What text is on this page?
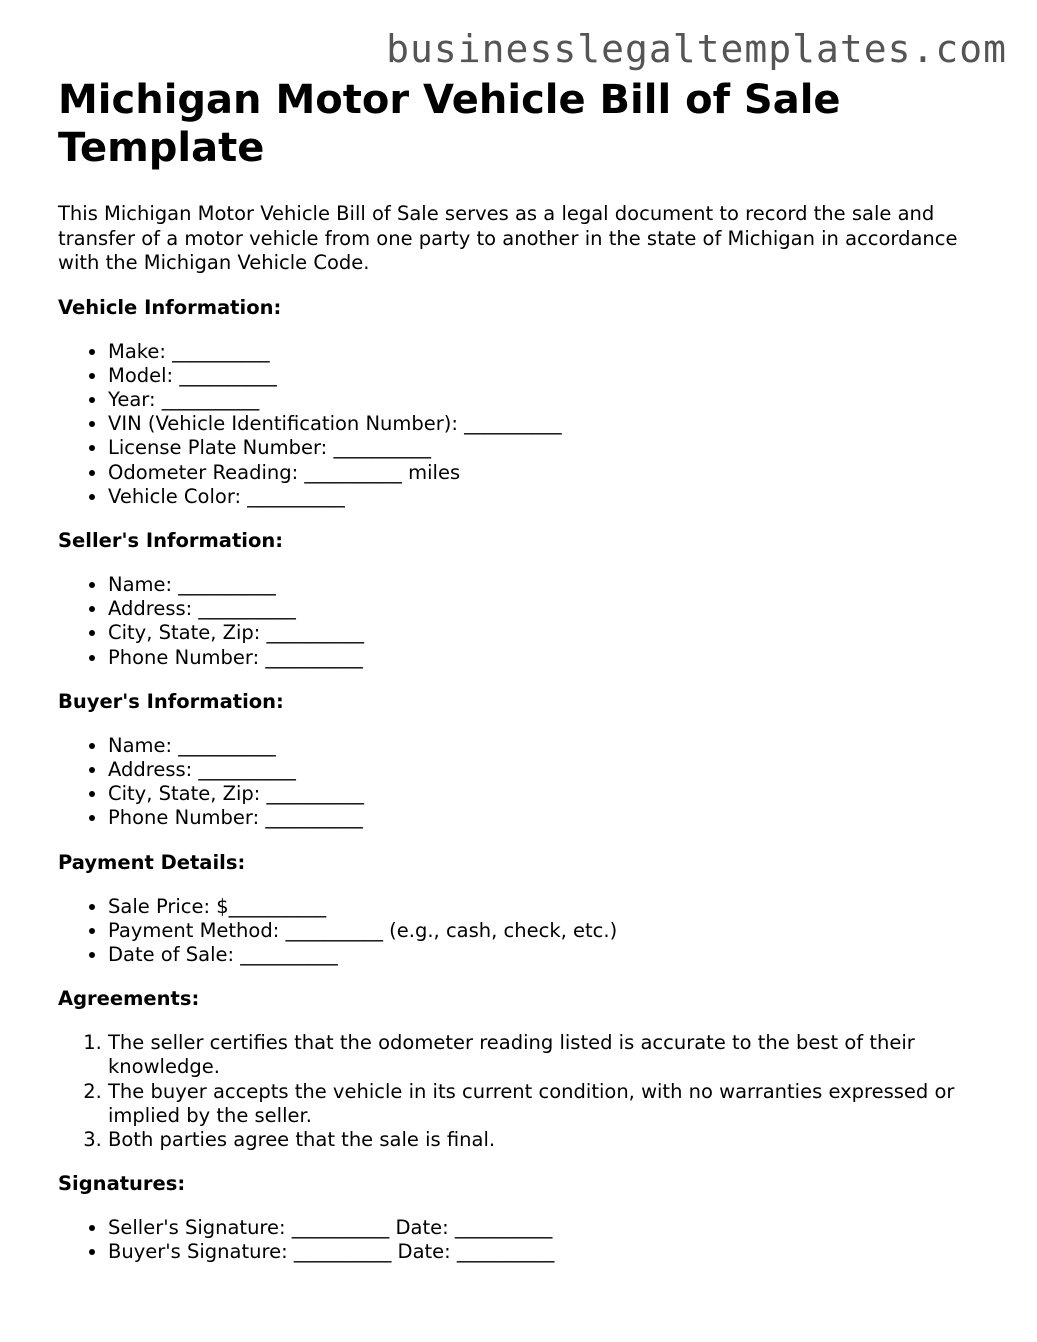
businesslegaltemplates.com
Michigan Motor Vehicle Bill of Sale Template

This Michigan Motor Vehicle Bill of Sale serves as a legal document to record the sale and transfer of a motor vehicle from one party to another in the state of Michigan in accordance with the Michigan Vehicle Code.

Vehicle Information:
• Make: __________
• Model: __________
• Year: __________
• VIN (Vehicle Identification Number): __________
• License Plate Number: __________
• Odometer Reading: __________ miles
• Vehicle Color: __________
Seller's Information:
• Name: __________
• Address: __________
• City, State, Zip: __________
• Phone Number: __________
Buyer's Information:
• Name: __________
• Address: __________
• City, State, Zip: __________
• Phone Number: __________
Payment Details:
• Sale Price: $__________
• Payment Method: __________ (e.g., cash, check, etc.)
• Date of Sale: __________
Agreements:
1. The seller certifies that the odometer reading listed is accurate to the best of their knowledge.
2. The buyer accepts the vehicle in its current condition, with no warranties expressed or implied by the seller.
3. Both parties agree that the sale is final.
Signatures:
• Seller's Signature: __________ Date: __________
• Buyer's Signature: __________ Date: __________
